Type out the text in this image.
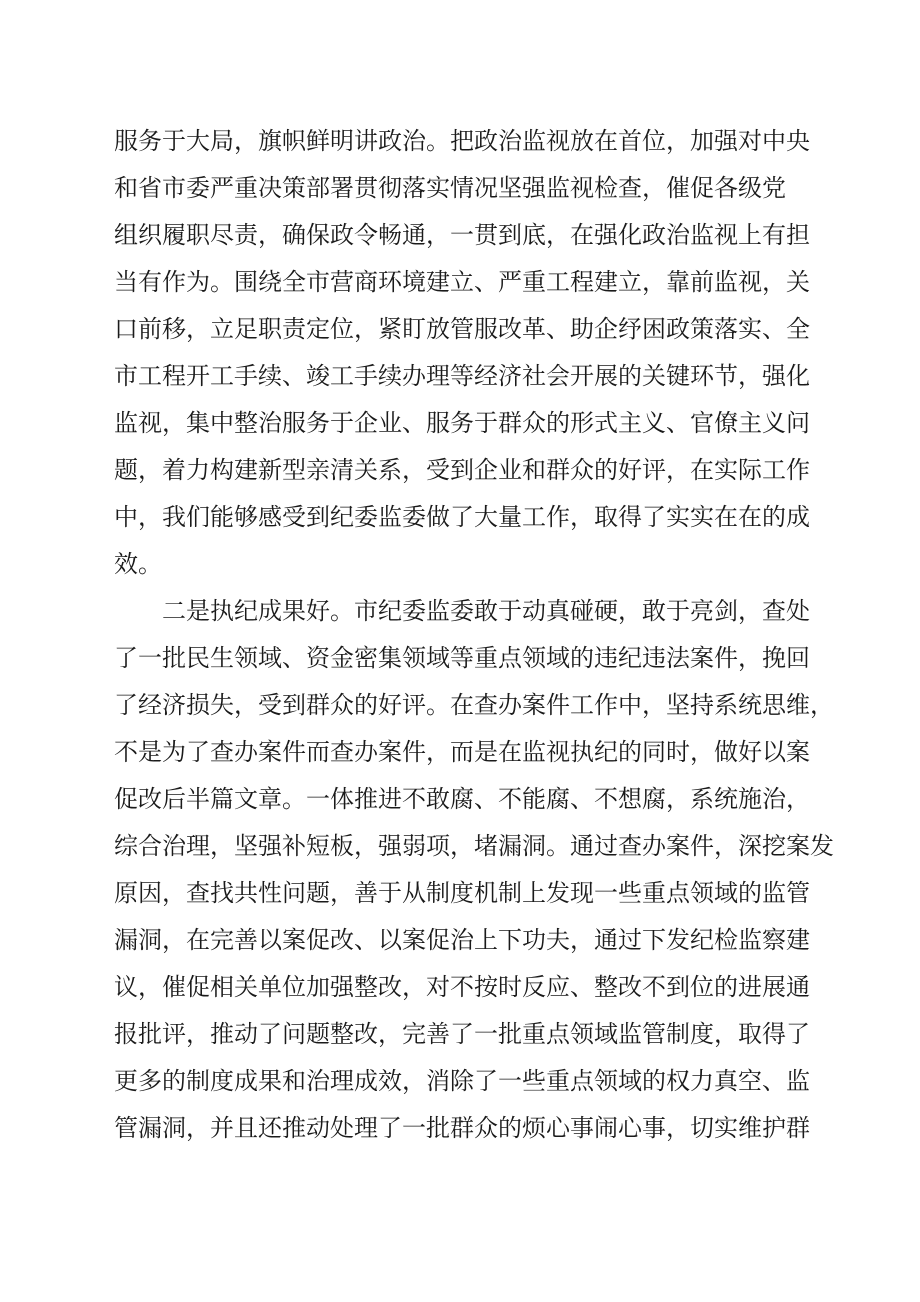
服务于大局，旗帜鲜明讲政治。把政治监视放在首位，加强对中央
和省市委严重决策部署贯彻落实情况坚强监视检查，催促各级党
组织履职尽责，确保政令畅通，一贯到底，在强化政治监视上有担
当有作为。围绕全市营商环境建立、严重工程建立，靠前监视，关
口前移，立足职责定位，紧盯放管服改革、助企纾困政策落实、全
市工程开工手续、竣工手续办理等经济社会开展的关键环节，强化
监视，集中整治服务于企业、服务于群众的形式主义、官僚主义问
题，着力构建新型亲清关系，受到企业和群众的好评，在实际工作
中，我们能够感受到纪委监委做了大量工作，取得了实实在在的成
效。
二是执纪成果好。市纪委监委敢于动真碰硬，敢于亮剑，查处
了一批民生领域、资金密集领域等重点领域的违纪违法案件，挽回
了经济损失，受到群众的好评。在查办案件工作中，坚持系统思维，
不是为了查办案件而查办案件，而是在监视执纪的同时，做好以案
促改后半篇文章。一体推进不敢腐、不能腐、不想腐，系统施治，
综合治理，坚强补短板，强弱项，堵漏洞。通过查办案件，深挖案发
原因，查找共性问题，善于从制度机制上发现一些重点领域的监管
漏洞，在完善以案促改、以案促治上下功夫，通过下发纪检监察建
议，催促相关单位加强整改，对不按时反应、整改不到位的进展通
报批评，推动了问题整改，完善了一批重点领域监管制度，取得了
更多的制度成果和治理成效，消除了一些重点领域的权力真空、监
管漏洞，并且还推动处理了一批群众的烦心事闹心事，切实维护群
